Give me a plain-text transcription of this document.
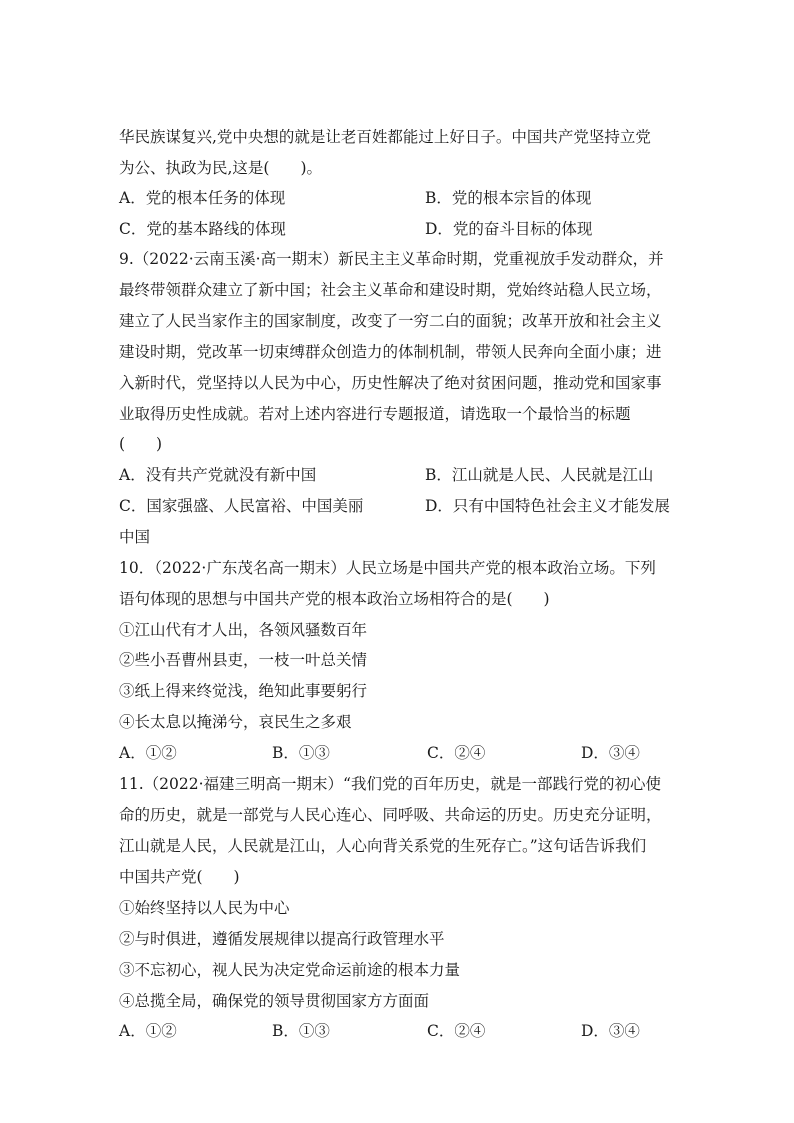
华民族谋复兴,党中央想的就是让老百姓都能过上好日子。中国共产党坚持立党
为公、执政为民,这是(　　)。
A．党的根本任务的体现	B．党的根本宗旨的体现
C．党的基本路线的体现	D．党的奋斗目标的体现
9.（2022·云南玉溪·高一期末）新民主主义革命时期，党重视放手发动群众，并
最终带领群众建立了新中国；社会主义革命和建设时期，党始终站稳人民立场，
建立了人民当家作主的国家制度，改变了一穷二白的面貌；改革开放和社会主义
建设时期，党改革一切束缚群众创造力的体制机制，带领人民奔向全面小康；进
入新时代，党坚持以人民为中心，历史性解决了绝对贫困问题，推动党和国家事
业取得历史性成就。若对上述内容进行专题报道，请选取一个最恰当的标题
(　　)
A．没有共产党就没有新中国	B．江山就是人民、人民就是江山
C．国家强盛、人民富裕、中国美丽	D．只有中国特色社会主义才能发展
中国
10．（2022·广东茂名高一期末）人民立场是中国共产党的根本政治立场。下列
语句体现的思想与中国共产党的根本政治立场相符合的是(　　)
①江山代有才人出，各领风骚数百年
②些小吾曹州县吏，一枝一叶总关情
③纸上得来终觉浅，绝知此事要躬行
④长太息以掩涕兮，哀民生之多艰
A．①②	B．①③	C．②④	D．③④
11.（2022·福建三明高一期末）“我们党的百年历史，就是一部践行党的初心使
命的历史，就是一部党与人民心连心、同呼吸、共命运的历史。历史充分证明，
江山就是人民，人民就是江山，人心向背关系党的生死存亡。”这句话告诉我们
中国共产党(　　)
①始终坚持以人民为中心
②与时俱进，遵循发展规律以提高行政管理水平
③不忘初心，视人民为决定党命运前途的根本力量
④总揽全局，确保党的领导贯彻国家方方面面
A．①②	B．①③	C．②④	D．③④
